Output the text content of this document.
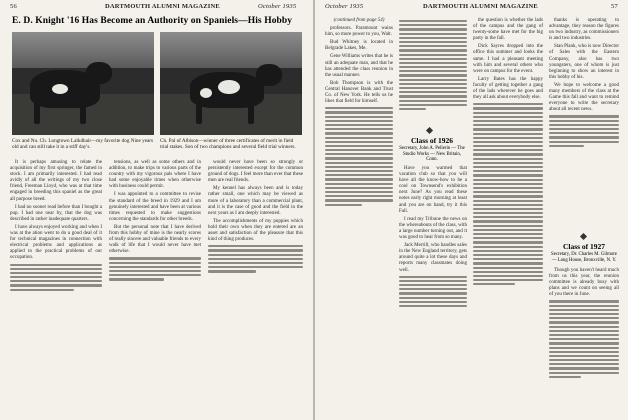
56	DARTMOUTH ALUMNI MAGAZINE	October 1935
E. D. Knight '16 Has Become an Authority on Spaniels—His Hobby
Cox and Nu. Ch. Longtown Lalkdhair—my favorite dog Nine years old and can still take it in a stiff day's.
Ch. Pal of Albison—winner of three certificates of merit in field trial stakes. Son of two champions and several field trial winners.

It is perhaps amusing to relate the acquisition of my first springer, the famed in stock. I am primarily interested. I had read avidly of all the writings of my two close friend, Freeman Lloyd, who was at that time engaged in breeding this spaniel as the great all purpose breed.

I had no sooner read before than I bought a pup. I had one near by, that the dog was described in rather inadequate quarters.

I have always enjoyed working and when I was at the ation went to do a good deal of it for technical magazines in connection with electrical problems and applications as applied to the practical problems of our occupation.

tensions, as well as some others and in addition, to make trips to various parts of the country with my vigorous pals where I have had some enjoyable times when otherwise with business could permit.

I was appointed to a committee to revise the standard of the breed in 1929 and I am genuinely interested and have been at various times requested to make suggestions concerning the standards for other breeds.

But the personal note that I have derived from this hobby of mine is the nearly scores of really sincere and valuable friends to every walk of life that I would never have met otherwise.

would never have been so strongly or persistently interested except for the common ground of dogs. I feel more than ever that these men are real friends.

My kennel has always been and is today rather small, one which may be viewed as more of a laboratory than a commercial plant, and it is the case of good and the field in the next years as I am deeply interested.

The accomplishments of my puppies which hold their own when they are entered are an asset and satisfaction of the pleasure that this kind of thing produces.

October 1935	DARTMOUTH ALUMNI MAGAZINE	57
(continued from page 54)

professors. Paramount wains him, so more power to you, Walt.

Bud Whitney is located in Belgrade Lakes, Me.

Gene Williams writes that he is still an adequate man, and that he has attended the class reunion in the usual manner.

Bob Thompson is with the Central Hanover Bank and Trust Co. of New York. He tells us he likes that field for himself.

Class of 1926
Secretary, John A. Pellerin — The Studio Works — New Britain, Conn.

Have you warmed that vacation club so that you will have all the know-how to be a cool on Townsend's exhibition next June? As you read these notes early right morning at least and you are on hand, try it this Fall.

I read my Tribune the news on the whereabouts of the class, with a large number turning out, and it was good to hear from so many.

Jack Merrill, who handles sales in the New England territory, gets around quite a lot these days and reports many classmates doing well.

the question is whether the lads of the campus and the gang of twenty-some have met for the big party in the fall.

Dick Sayres dropped into the office this summer and looks the same. I had a pleasant meeting with him and several others who were on campus for the event.

Larry Bates has the happy faculty of getting together a gang of the lads wherever he goes and they all ask about everybody else.

thanks is operating to advantage, they reason the figures on two industry, as commissioners is and two industries.

Stan Plank, who is now Director of Sales with the Eastern Company, also has two youngsters, one of whom is just beginning to show an interest in this hobby of his.

We hope to welcome a good many members of the class at the Game this fall and want to remind everyone to write the secretary about all recent news.

Class of 1927
Secretary, Dr. Charles M. Gilmore — Long House, Bronxville, N. Y.

Though you haven't heard much from us this year, the reunion committee is already busy with plans and we count on seeing all of you there in June.
